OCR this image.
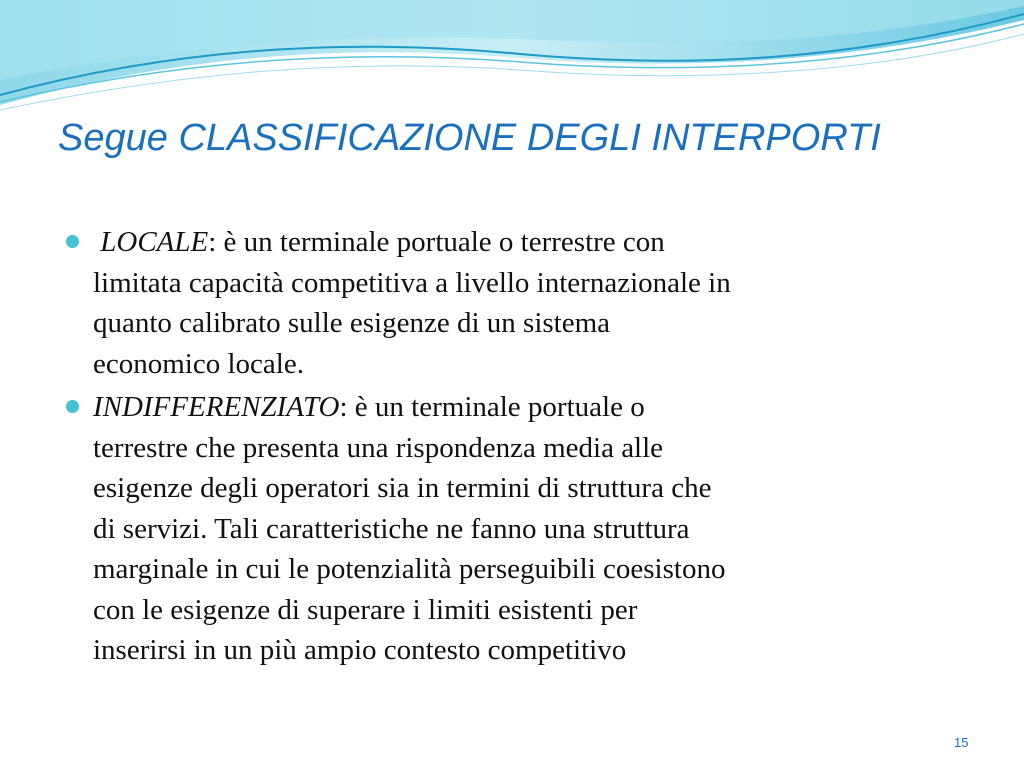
Segue CLASSIFICAZIONE DEGLI INTERPORTI
LOCALE: è un terminale portuale o terrestre con
limitata capacità competitiva a livello internazionale in
quanto calibrato sulle esigenze di un sistema
economico locale.
INDIFFERENZIATO: è un terminale portuale o
terrestre che presenta una rispondenza media alle
esigenze degli operatori sia in termini di struttura che
di servizi. Tali caratteristiche ne fanno una struttura
marginale in cui le potenzialità perseguibili coesistono
con le esigenze di superare i limiti esistenti per
inserirsi in un più ampio contesto competitivo
15
